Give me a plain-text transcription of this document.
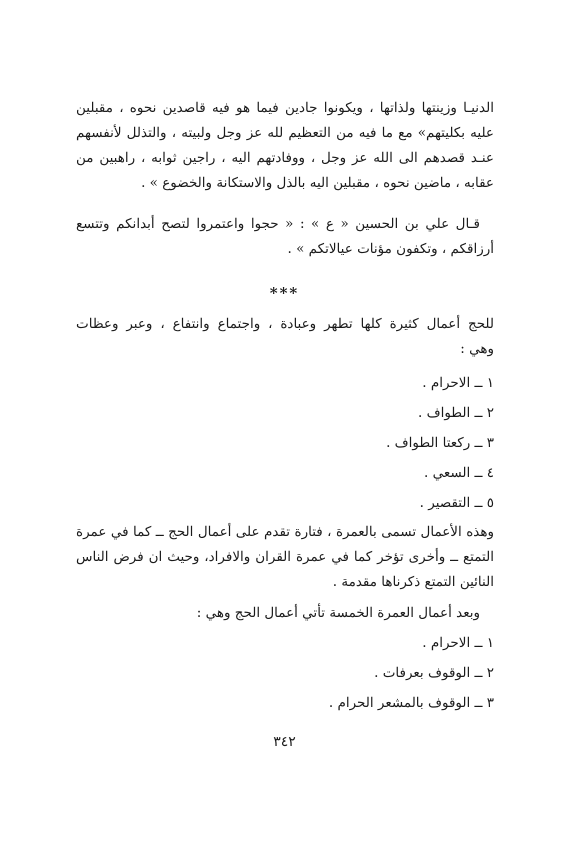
الدنيـا وزينتها ولذاتها ، ويكونوا جادين فيما هو فيه قاصدين نحوه ، مقبلين
عليه بكليتهم» مع ما فيه من التعظيم لله عز وجل ولبيته ، والتذلل لأنفسهم
عنـد قصدهم الى الله عز وجل ، ووفادتهم اليه ، راجين ثوابه ، راهبين من
عقابه ، ماضين نحوه ، مقبلين اليه بالذل والاستكانة والخضوع » .
قـال علي بن الحسين « ع » : « حجوا واعتمروا لتصح أبدانكم وتتسع
أرزاقكم ، وتكفون مؤنات عيالاتكم » .
***
للحج أعمال كثيرة كلها تطهر وعبادة ، واجتماع وانتفاع ، وعبر وعظات
وهي :
١ ــ الاحرام .
٢ ــ الطواف .
٣ ــ ركعتا الطواف .
٤ ــ السعي .
٥ ــ التقصير .
وهذه الأعمال تسمى بالعمرة ، فتارة تقدم على أعمال الحج ــ كما في عمرة
التمتع ــ وأخرى تؤخر كما في عمرة القران والافراد، وحيث ان فرض الناس
النائين التمتع ذكرناها مقدمة .
وبعد أعمال العمرة الخمسة تأتي أعمال الحج وهي :
١ ــ الاحرام .
٢ ــ الوقوف بعرفات .
٣ ــ الوقوف بالمشعر الحرام .
٣٤٢
